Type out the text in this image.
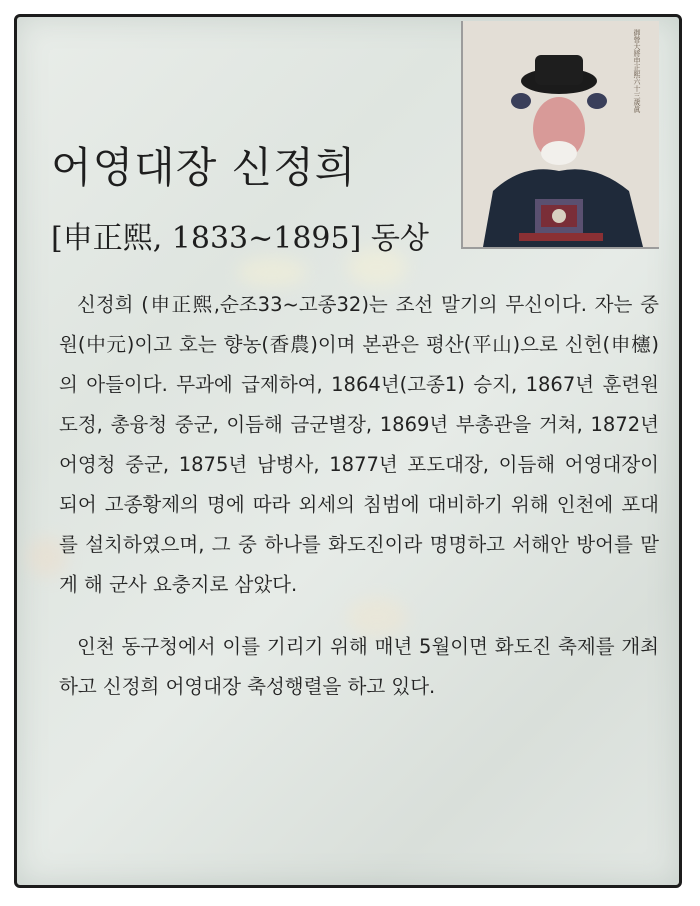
어영대장 신정희
[申正熙, 1833~1895] 동상
御營大將申正熙六十三歲眞

신정희 (申正熙,순조33~고종32)는 조선 말기의 무신이다. 자는 중원(中元)이고 호는 향농(香農)이며 본관은 평산(平山)으로 신헌(申櫶)의 아들이다. 무과에 급제하여, 1864년(고종1) 승지, 1867년 훈련원 도정, 총융청 중군, 이듬해 금군별장, 1869년 부총관을 거쳐, 1872년 어영청 중군, 1875년 남병사, 1877년 포도대장, 이듬해 어영대장이 되어 고종황제의 명에 따라 외세의 침범에 대비하기 위해 인천에 포대를 설치하였으며, 그 중 하나를 화도진이라 명명하고 서해안 방어를 맡게 해 군사 요충지로 삼았다.

인천 동구청에서 이를 기리기 위해 매년 5월이면 화도진 축제를 개최하고 신정희 어영대장 축성행렬을 하고 있다.
